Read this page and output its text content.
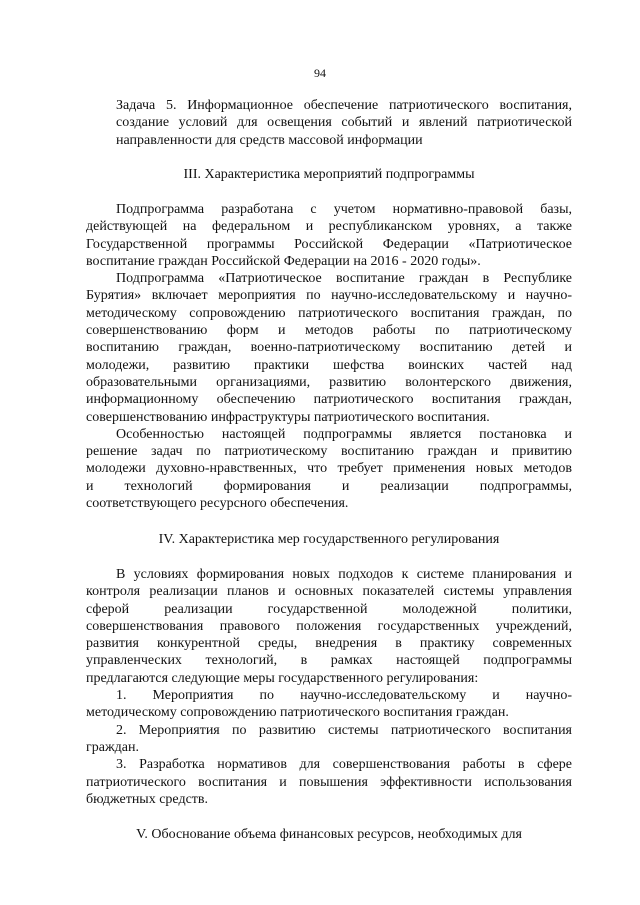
94

Задача 5. Информационное обеспечение патриотического воспитания,
создание условий для освещения событий и явлений патриотической
направленности для средств массовой информации

III. Характеристика мероприятий подпрограммы

Подпрограмма разработана с учетом нормативно-правовой базы,
действующей на федеральном и республиканском уровнях, а также
Государственной программы Российской Федерации «Патриотическое
воспитание граждан Российской Федерации на 2016 - 2020 годы».

Подпрограмма «Патриотическое воспитание граждан в Республике
Бурятия» включает мероприятия по научно-исследовательскому и научно-
методическому сопровождению патриотического воспитания граждан, по
совершенствованию форм и методов работы по патриотическому
воспитанию граждан, военно-патриотическому воспитанию детей и
молодежи, развитию практики шефства воинских частей над
образовательными организациями, развитию волонтерского движения,
информационному обеспечению патриотического воспитания граждан,
совершенствованию инфраструктуры патриотического воспитания.

Особенностью настоящей подпрограммы является постановка и
решение задач по патриотическому воспитанию граждан и привитию
молодежи духовно-нравственных, что требует применения новых методов
и технологий формирования и реализации подпрограммы,
соответствующего ресурсного обеспечения.

IV. Характеристика мер государственного регулирования

В условиях формирования новых подходов к системе планирования и
контроля реализации планов и основных показателей системы управления
сферой реализации государственной молодежной политики,
совершенствования правового положения государственных учреждений,
развития конкурентной среды, внедрения в практику современных
управленческих технологий, в рамках настоящей подпрограммы
предлагаются следующие меры государственного регулирования:

1. Мероприятия по научно-исследовательскому и научно-
методическому сопровождению патриотического воспитания граждан.

2. Мероприятия по развитию системы патриотического воспитания
граждан.

3. Разработка нормативов для совершенствования работы в сфере
патриотического воспитания и повышения эффективности использования
бюджетных средств.

V. Обоснование объема финансовых ресурсов, необходимых для
